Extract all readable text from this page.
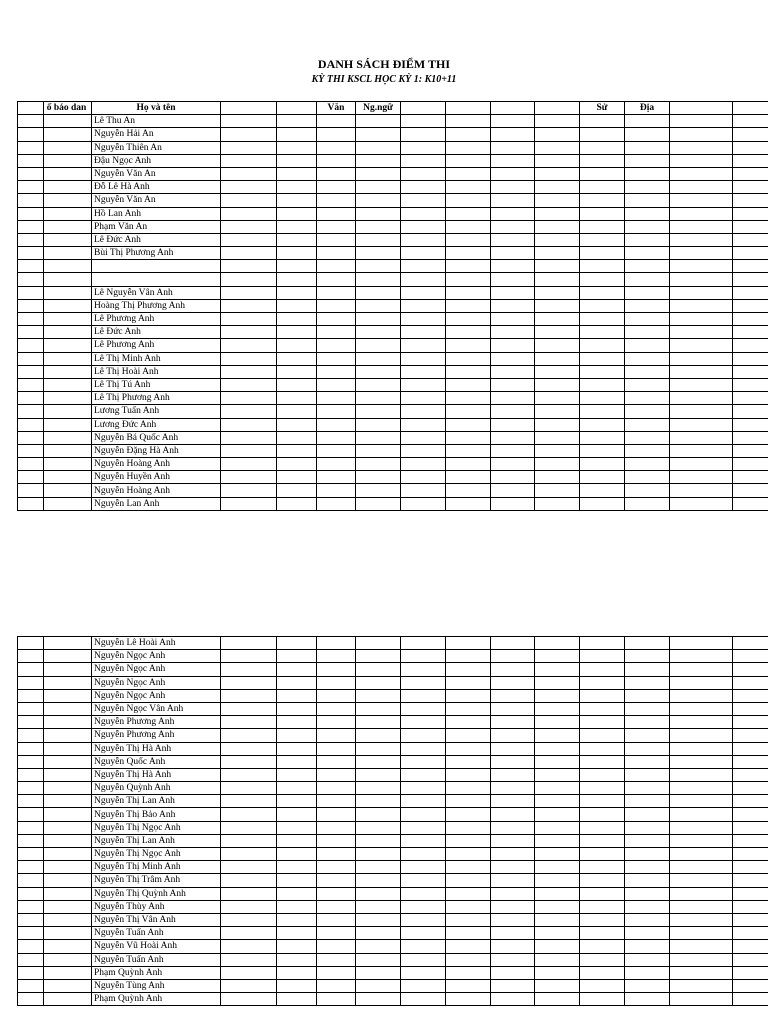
DANH SÁCH ĐIỂM THI
KỲ THI KSCL HỌC KỲ 1: K10+11
	ố báo dan	Họ và tên			Văn	Ng.ngữ					Sử	Địa		
		Lê Thu An												
		Nguyễn Hải An												
		Nguyễn Thiên An												
		Đậu Ngọc Anh												
		Nguyễn Văn An												
		Đỗ Lê Hà Anh												
		Nguyễn Văn An												
		Hồ Lan Anh												
		Phạm Văn An												
		Lê Đức Anh												
		Bùi Thị Phương Anh												

		Lê Nguyễn Vân Anh												
		Hoàng Thị Phương Anh												
		Lê Phương Anh												
		Lê Đức Anh												
		Lê Phương Anh												
		Lê Thị Minh Anh												
		Lê Thị Hoài Anh												
		Lê Thị Tú Anh												
		Lê Thị Phương Anh												
		Lương Tuấn Anh												
		Lương Đức Anh												
		Nguyễn Bá Quốc Anh												
		Nguyễn Đặng Hà Anh												
		Nguyễn Hoàng Anh												
		Nguyễn Huyền Anh												
		Nguyễn Hoàng Anh												
		Nguyễn Lan Anh												
		Nguyễn Lê Hoài Anh												
		Nguyễn Ngọc Anh												
		Nguyễn Ngọc Anh												
		Nguyễn Ngọc Anh												
		Nguyễn Ngọc Anh												
		Nguyễn Ngọc Vân Anh												
		Nguyễn Phương Anh												
		Nguyễn Phương Anh												
		Nguyễn Thị Hà Anh												
		Nguyễn Quốc Anh												
		Nguyễn Thị Hà Anh												
		Nguyễn Quỳnh Anh												
		Nguyễn Thị Lan Anh												
		Nguyễn Thị Bảo Anh												
		Nguyễn Thị Ngọc Anh												
		Nguyễn Thị Lan Anh												
		Nguyễn Thị Ngọc Anh												
		Nguyễn Thị Minh Anh												
		Nguyễn Thị Trâm Anh												
		Nguyễn Thị Quỳnh Anh												
		Nguyễn Thùy Anh												
		Nguyễn Thị Vân Anh												
		Nguyễn Tuấn Anh												
		Nguyễn Vũ Hoài Anh												
		Nguyễn Tuấn Anh												
		Phạm Quỳnh Anh												
		Nguyễn Tùng Anh												
		Phạm Quỳnh Anh												
